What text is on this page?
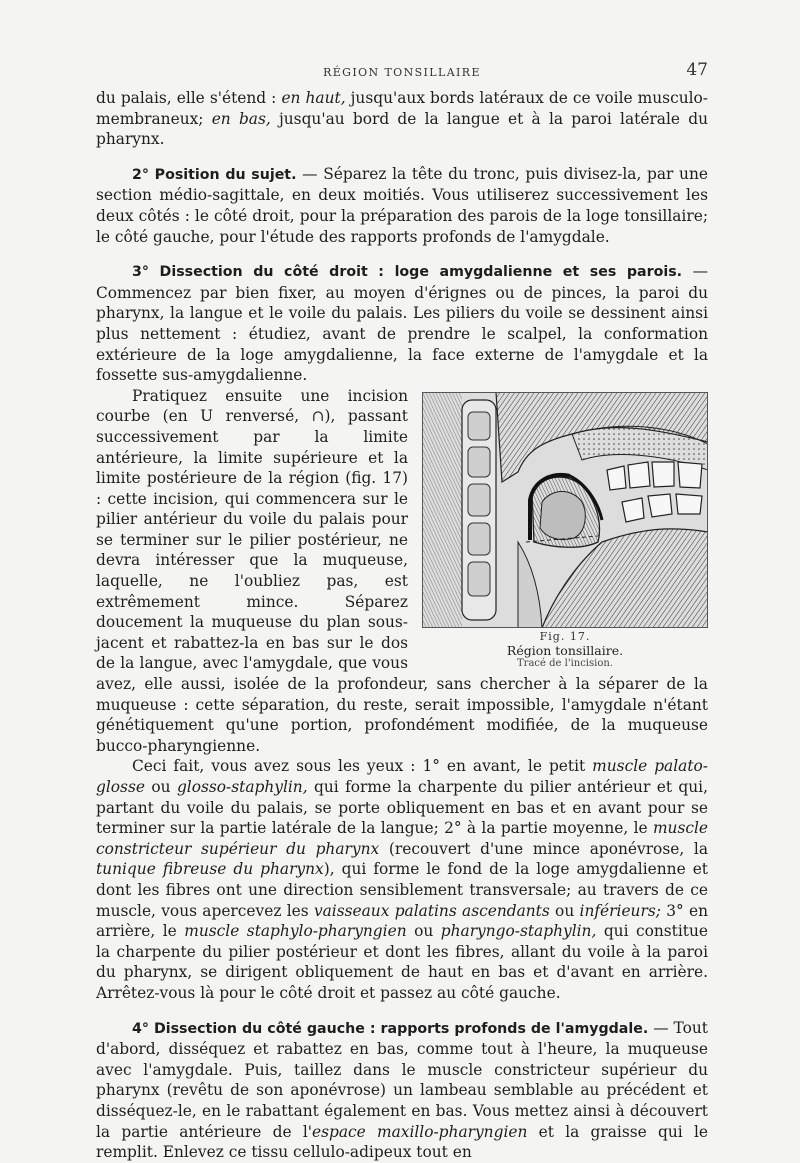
RÉGION TONSILLAIRE	47

du palais, elle s'étend : en haut, jusqu'aux bords latéraux de ce voile musculo-membraneux; en bas, jusqu'au bord de la langue et à la paroi latérale du pharynx.

2° Position du sujet. — Séparez la tête du tronc, puis divisez-la, par une section médio-sagittale, en deux moitiés. Vous utiliserez successivement les deux côtés : le côté droit, pour la préparation des parois de la loge tonsillaire; le côté gauche, pour l'étude des rapports profonds de l'amygdale.

3° Dissection du côté droit : loge amygdalienne et ses parois. — Commencez par bien fixer, au moyen d'érignes ou de pinces, la paroi du pharynx, la langue et le voile du palais. Les piliers du voile se dessinent ainsi plus nettement : étudiez, avant de prendre le scalpel, la conformation extérieure de la loge amygdalienne, la face externe de l'amygdale et la fossette sus-amygdalienne.

Fig. 17.
Région tonsillaire.
Tracé de l'incision.

Pratiquez ensuite une incision courbe (en U renversé, ∩), passant successivement par la limite antérieure, la limite supérieure et la limite postérieure de la région (fig. 17) : cette incision, qui commencera sur le pilier antérieur du voile du palais pour se terminer sur le pilier postérieur, ne devra intéresser que la muqueuse, laquelle, ne l'oubliez pas, est extrêmement mince. Séparez doucement la muqueuse du plan sous-jacent et rabattez-la en bas sur le dos de la langue, avec l'amygdale, que vous avez, elle aussi, isolée de la profondeur, sans chercher à la séparer de la muqueuse : cette séparation, du reste, serait impossible, l'amygdale n'étant génétiquement qu'une portion, profondément modifiée, de la muqueuse bucco-pharyngienne.

Ceci fait, vous avez sous les yeux : 1° en avant, le petit muscle palato-glosse ou glosso-staphylin, qui forme la charpente du pilier antérieur et qui, partant du voile du palais, se porte obliquement en bas et en avant pour se terminer sur la partie latérale de la langue; 2° à la partie moyenne, le muscle constricteur supérieur du pharynx (recouvert d'une mince aponévrose, la tunique fibreuse du pharynx), qui forme le fond de la loge amygdalienne et dont les fibres ont une direction sensiblement transversale; au travers de ce muscle, vous apercevez les vaisseaux palatins ascendants ou inférieurs; 3° en arrière, le muscle staphylo-pharyngien ou pharyngo-staphylin, qui constitue la charpente du pilier postérieur et dont les fibres, allant du voile à la paroi du pharynx, se dirigent obliquement de haut en bas et d'avant en arrière. Arrêtez-vous là pour le côté droit et passez au côté gauche.

4° Dissection du côté gauche : rapports profonds de l'amygdale. — Tout d'abord, disséquez et rabattez en bas, comme tout à l'heure, la muqueuse avec l'amygdale. Puis, taillez dans le muscle constricteur supérieur du pharynx (revêtu de son aponévrose) un lambeau semblable au précédent et disséquez-le, en le rabattant également en bas. Vous mettez ainsi à découvert la partie antérieure de l'espace maxillo-pharyngien et la graisse qui le remplit. Enlevez ce tissu cellulo-adipeux tout en
